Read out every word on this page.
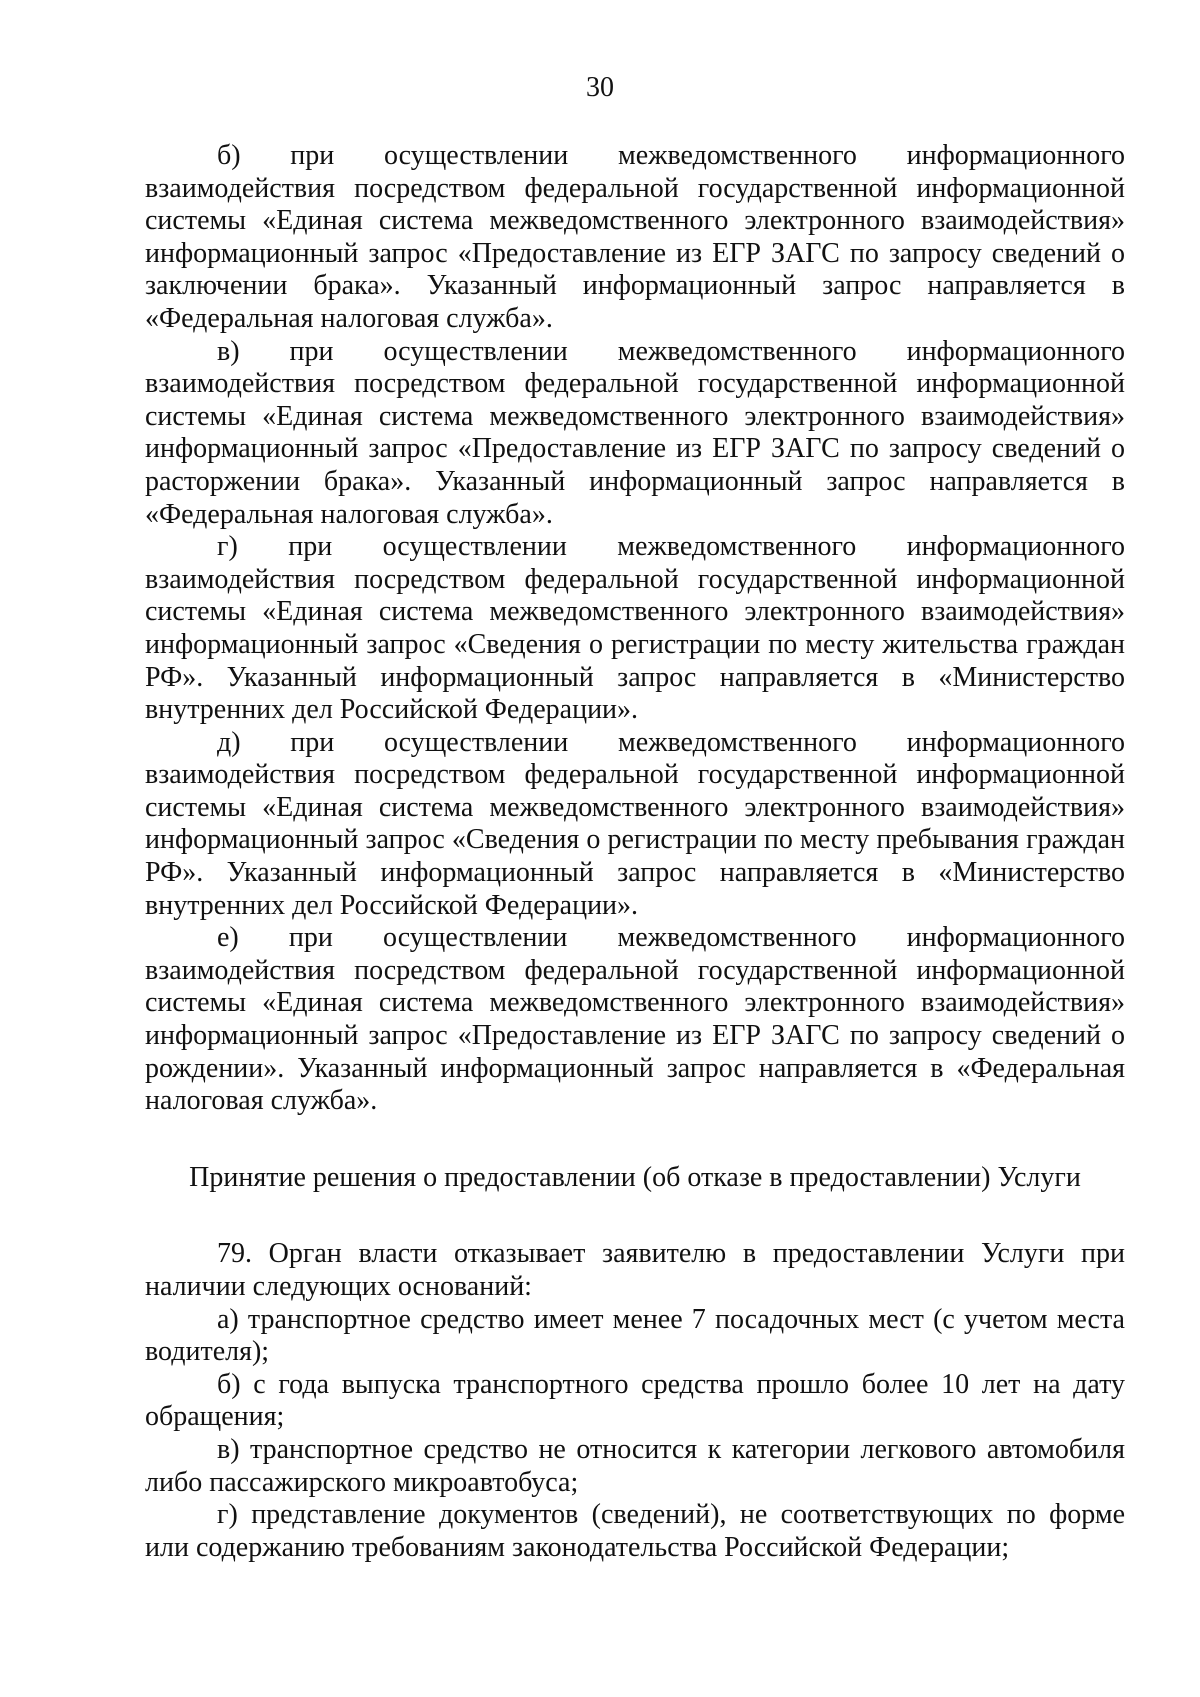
30

б) при осуществлении межведомственного информационного взаимодействия посредством федеральной государственной информационной системы «Единая система межведомственного электронного взаимодействия» информационный запрос «Предоставление из ЕГР ЗАГС по запросу сведений о заключении брака». Указанный информационный запрос направляется в «Федеральная налоговая служба».

в) при осуществлении межведомственного информационного взаимодействия посредством федеральной государственной информационной системы «Единая система межведомственного электронного взаимодействия» информационный запрос «Предоставление из ЕГР ЗАГС по запросу сведений о расторжении брака». Указанный информационный запрос направляется в «Федеральная налоговая служба».

г) при осуществлении межведомственного информационного взаимодействия посредством федеральной государственной информационной системы «Единая система межведомственного электронного взаимодействия» информационный запрос «Сведения о регистрации по месту жительства граждан РФ». Указанный информационный запрос направляется в «Министерство внутренних дел Российской Федерации».

д) при осуществлении межведомственного информационного взаимодействия посредством федеральной государственной информационной системы «Единая система межведомственного электронного взаимодействия» информационный запрос «Сведения о регистрации по месту пребывания граждан РФ». Указанный информационный запрос направляется в «Министерство внутренних дел Российской Федерации».

е) при осуществлении межведомственного информационного взаимодействия посредством федеральной государственной информационной системы «Единая система межведомственного электронного взаимодействия» информационный запрос «Предоставление из ЕГР ЗАГС по запросу сведений о рождении». Указанный информационный запрос направляется в «Федеральная налоговая служба».

Принятие решения о предоставлении (об отказе в предоставлении) Услуги

79. Орган власти отказывает заявителю в предоставлении Услуги при наличии следующих оснований:

а) транспортное средство имеет менее 7 посадочных мест (с учетом места водителя);

б) с года выпуска транспортного средства прошло более 10 лет на дату обращения;

в) транспортное средство не относится к категории легкового автомобиля либо пассажирского микроавтобуса;

г) представление документов (сведений), не соответствующих по форме или содержанию требованиям законодательства Российской Федерации;
